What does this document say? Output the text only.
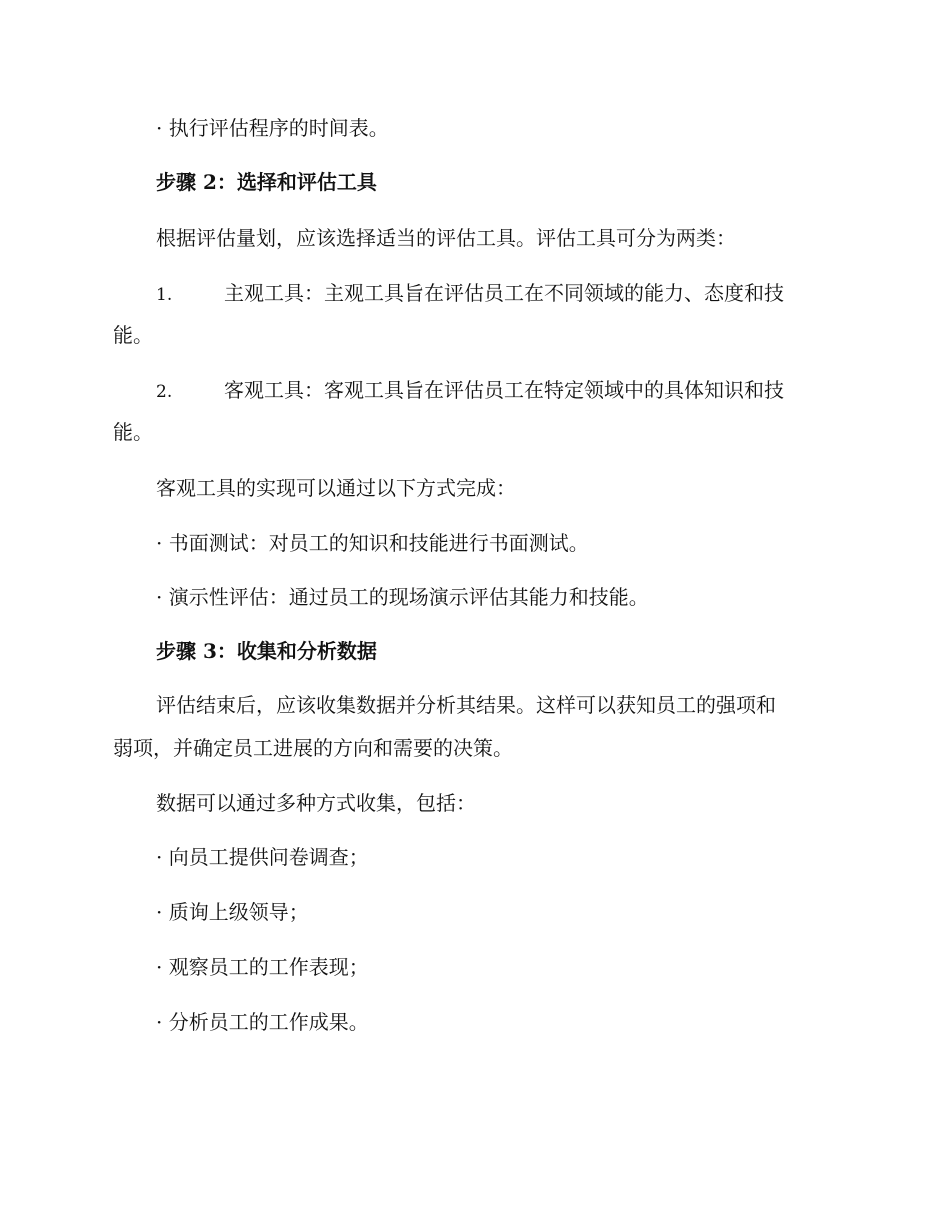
· 执行评估程序的时间表。
步骤 2：选择和评估工具
根据评估量划，应该选择适当的评估工具。评估工具可分为两类：
1.	主观工具：主观工具旨在评估员工在不同领域的能力、态度和技
能。
2.	客观工具：客观工具旨在评估员工在特定领域中的具体知识和技
能。
客观工具的实现可以通过以下方式完成：
· 书面测试：对员工的知识和技能进行书面测试。
· 演示性评估：通过员工的现场演示评估其能力和技能。
步骤 3：收集和分析数据
评估结束后，应该收集数据并分析其结果。这样可以获知员工的强项和
弱项，并确定员工进展的方向和需要的决策。
数据可以通过多种方式收集，包括：
· 向员工提供问卷调查；
· 质询上级领导；
· 观察员工的工作表现；
· 分析员工的工作成果。
